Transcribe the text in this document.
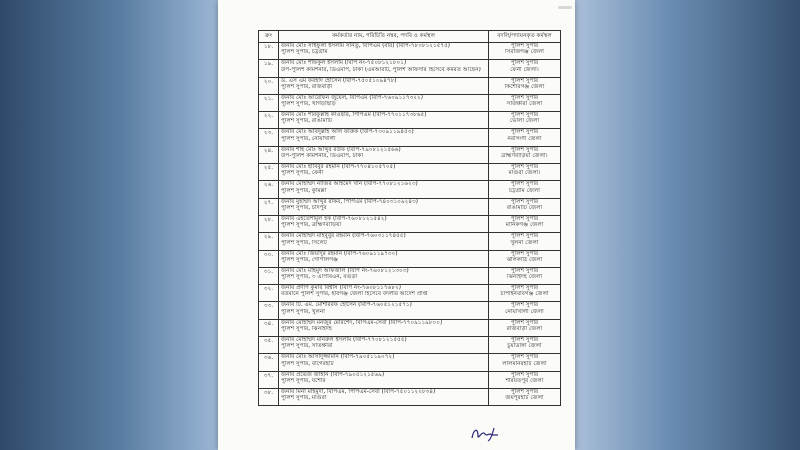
ক্রং	কর্মকর্তার নাম, পরিচিতি নম্বর, পদবি ও কর্মস্থল	বদলি/পদায়নকৃত কর্মস্থল
১৮.	জনাব মোঃ সাইফুলা ইসলাম সানতু, বিপিএম (বার) (বিপি-৭৮০৮১২১৫৭৫)
পুলিশ সুপার, চট্টগ্রাম	পুলিশ সুপার
সিরাজগঞ্জ জেলা

১৯.	জনাব মোঃ শফিকুল ইসলাম (বিপি নং-৭৫০৮১২১৮০১)
উপ-পুলিশ কমিশনার, ডিএমপি, ঢাকা (এমআরটি, পুলিশ অফিসার হিসেবে কর্মরত আছেন)	পুলিশ সুপার
ফেনী জেলা।

২০.	ড. এস এম ফরহাদ হোসেন (বিপি-৭৫০৫১০৯৪৭৮)
পুলিশ সুপার, রাজবাড়ী	পুলিশ সুপার
কিশোরগঞ্জ জেলা

২১.	জনাব মোঃ আরেফিন জুয়েল, বিপিএম (বিপি-৭৬০৯১১৭৩২২)
পুলিশ সুপার, খাগড়াছড়ি	পুলিশ সুপার
সাতক্ষীরা জেলা

২২.	জনাব মোঃ শরিফুল্লাহ কাওছার, পিপিএম (বিপি-৭৭০১১৭৩৮৬৫)
পুলিশ সুপার, রাঙামাটি	পুলিশ সুপার
ভোলা জেলা

২৩.	জনাব মোঃ আবদুল্লাহ আল ফারুক (বিপি-৭৩০৯১১৯৪৫৩)
পুলিশ সুপার, নোয়াখালী	পুলিশ সুপার
নরসিংদী জেলা

২৪.	জনাব শাহ মোঃ আব্দুর রউফ (বিপি-৭৯০৮১২১৫৬৬)
উপ-পুলিশ কমিশনার, ডিএমপি, ঢাকা	পুলিশ সুপার
ব্রাহ্মণবাড়িয়া জেলা।

২৫.	জনাব মোঃ হাবিবুর রহমান (বিপি-৭৭০৪১০৫৭০৫)
পুলিশ সুপার, ফেনী	পুলিশ সুপার
মাগুরা জেলা।

২৬.	জনাব মোহাম্মদ নাজির আহমেদ খাঁন (বিপি-৭৭০৮১২১৬২৩)
পুলিশ সুপার, কুমিল্লা	পুলিশ সুপার
চট্টগ্রাম জেলা

২৭.	জনাব মুহাম্মদ আব্দুর রকিব, পিপিএম (বিপি-৭৪০৩১০৯২৪৩)
পুলিশ সুপার, চাঁদপুর	পুলিশ সুপার
রাঙামাটি জেলা

২৮.	জনাব এহতেশামুল হক (বিপি-৭৬০৮১২১৫৪২)
পুলিশ সুপার, ব্রাহ্মণবাড়িয়া	পুলিশ সুপার
মানিকগঞ্জ জেলা

২৯.	জনাব মোহাম্মদ মাহবুবুর রহমান (বিপি-৭৬০৩১১৭৪৫৫)
পুলিশ সুপার, সিলেট	পুলিশ সুপার
খুলনা জেলা

৩০.	জনাব মোঃ জিয়াদুর রহমান (বিপি-৭৬০৯১১৯৭৩০)
পুলিশ সুপার, গোপালগঞ্জ	পুলিশ সুপার
ঝালকাঠি জেলা

৩১.	জনাব মোঃ মাহমুদ আফজাল (বিপি নং-৭৬০৮১২১৩০৩)
পুলিশ সুপার, ৩ এপিবিএন, বগুড়া	পুলিশ সুপার
ঝিনাইদহ জেলা

৩২.	জনাব প্রদীপ কুমার বিশ্বাস (বিপি নং-৭৬০৮১১৭৬৮২)
বর্তমানে পুলিশ সুপার, হবিগঞ্জ জেলা হিসেবে বদলীর আদেশ প্রাপ্ত	পুলিশ সুপার
চাঁপাইনবাবগঞ্জ জেলা

৩৩.	জনাব টি. এম. মোশাররফ হোসেন (বিপি-৭৬০৫১২১৫৭১)
পুলিশ সুপার, খুলনা	পুলিশ সুপার
নোয়াখালী জেলা

৩৪.	জনাব মোহাম্মদ মনজুর মোরশেদ, বিপিএম-সেবা (বিপি-৭৭০৯১১৯৮০০)
পুলিশ সুপার, ঝিনাইদহ	পুলিশ সুপার
রাজবাড়ী জেলা

৩৫.	জনাব মোহাম্মদ মনিরুল ইসলাম (বিপি-৭৭০৮১২১৫৫৫)
পুলিশ সুপার, সাতক্ষীরা	পুলিশ সুপার
চুয়াডাঙ্গা জেলা

৩৬.	জনাব মোঃ আসাদুজ্জামান (বিপি-৭৯০৫১১৯০৭২)
পুলিশ সুপার, বাগেরহাট	পুলিশ সুপার
লালমনিরহাট জেলা

৩৭.	জনাব প্রভেজ জাহান (বিপি-৭৯০৫১২১৫৬৯)
পুলিশ সুপার, যশোর	পুলিশ সুপার
শরিয়তপুর জেলা

৩৮.	জনাব মিনা মাহমুদা, বিপিএম, পিপিএম-সেবা (বিপি-৭৫০১১২২৮৩৪)
পুলিশ সুপার, মাগুরা	পুলিশ সুপার
জয়পুরহাট জেলা
